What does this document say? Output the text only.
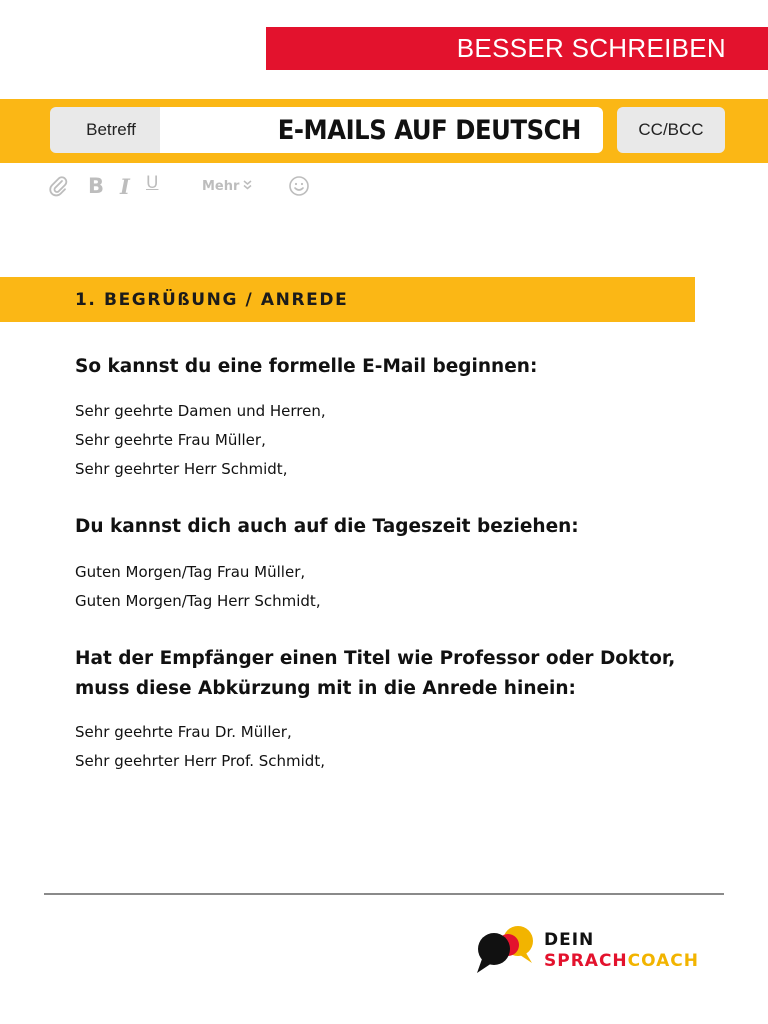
BESSER SCHREIBEN
Betreff	E-MAILS AUF DEUTSCH	CC/BCC
B I U	Mehr
1. BEGRÜßUNG / ANREDE

So kannst du eine formelle E-Mail beginnen:

Sehr geehrte Damen und Herren,

Sehr geehrte Frau Müller,

Sehr geehrter Herr Schmidt,

Du kannst dich auch auf die Tageszeit beziehen:

Guten Morgen/Tag Frau Müller,

Guten Morgen/Tag Herr Schmidt,

Hat der Empfänger einen Titel wie Professor oder Doktor,

muss diese Abkürzung mit in die Anrede hinein:

Sehr geehrte Frau Dr. Müller,

Sehr geehrter Herr Prof. Schmidt,

DEIN
SPRACHCOACH
